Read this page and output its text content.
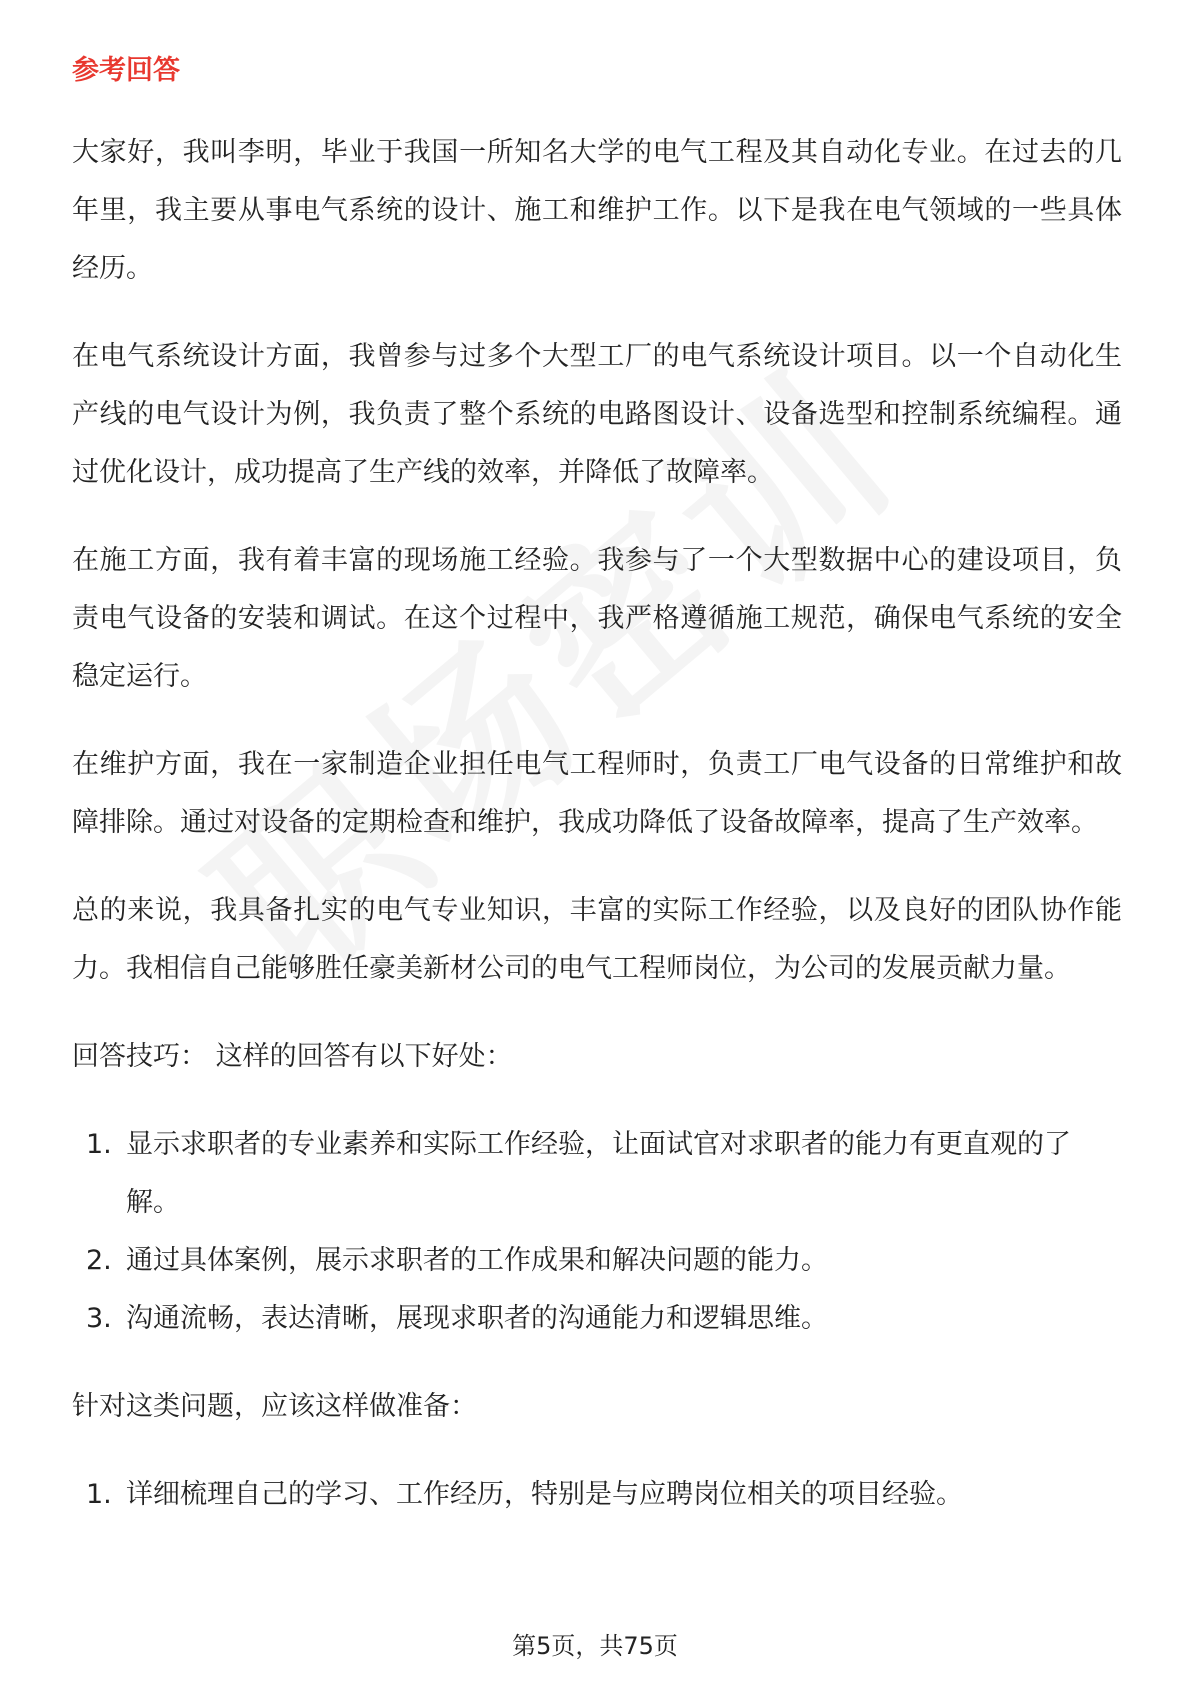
参考回答

大家好，我叫李明，毕业于我国一所知名大学的电气工程及其自动化专业。在过去的几年里，我主要从事电气系统的设计、施工和维护工作。以下是我在电气领域的一些具体经历。

在电气系统设计方面，我曾参与过多个大型工厂的电气系统设计项目。以一个自动化生产线的电气设计为例，我负责了整个系统的电路图设计、设备选型和控制系统编程。通过优化设计，成功提高了生产线的效率，并降低了故障率。

在施工方面，我有着丰富的现场施工经验。我参与了一个大型数据中心的建设项目，负责电气设备的安装和调试。在这个过程中，我严格遵循施工规范，确保电气系统的安全稳定运行。

在维护方面，我在一家制造企业担任电气工程师时，负责工厂电气设备的日常维护和故障排除。通过对设备的定期检查和维护，我成功降低了设备故障率，提高了生产效率。

总的来说，我具备扎实的电气专业知识，丰富的实际工作经验，以及良好的团队协作能力。我相信自己能够胜任豪美新材公司的电气工程师岗位，为公司的发展贡献力量。

回答技巧： 这样的回答有以下好处：
1. 显示求职者的专业素养和实际工作经验，让面试官对求职者的能力有更直观的了解。
2. 通过具体案例，展示求职者的工作成果和解决问题的能力。
3. 沟通流畅，表达清晰，展现求职者的沟通能力和逻辑思维。
针对这类问题，应该这样做准备：
1. 详细梳理自己的学习、工作经历，特别是与应聘岗位相关的项目经验。
第5页，共75页
